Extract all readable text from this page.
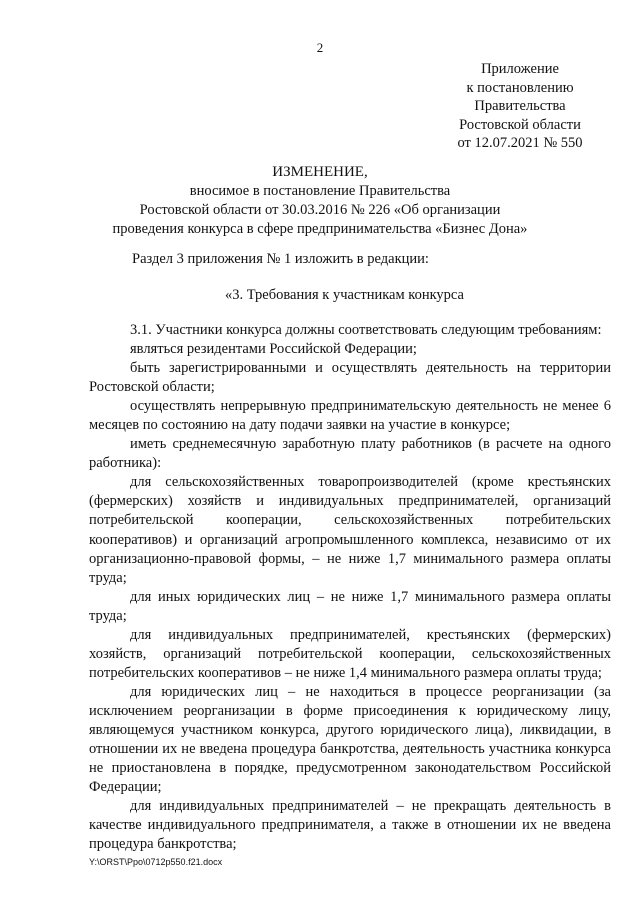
2
Приложение
к постановлению
Правительства
Ростовской области
от 12.07.2021 № 550
ИЗМЕНЕНИЕ,
вносимое в постановление Правительства
Ростовской области от 30.03.2016 № 226 «Об организации
проведения конкурса в сфере предпринимательства «Бизнес Дона»
Раздел 3 приложения № 1 изложить в редакции:
«3. Требования к участникам конкурса

3.1. Участники конкурса должны соответствовать следующим требованиям:

являться резидентами Российской Федерации;

быть зарегистрированными и осуществлять деятельность на территории Ростовской области;

осуществлять непрерывную предпринимательскую деятельность не менее 6 месяцев по состоянию на дату подачи заявки на участие в конкурсе;

иметь среднемесячную заработную плату работников (в расчете на одного работника):

для сельскохозяйственных товаропроизводителей (кроме крестьянских (фермерских) хозяйств и индивидуальных предпринимателей, организаций потребительской кооперации, сельскохозяйственных потребительских кооперативов) и организаций агропромышленного комплекса, независимо от их организационно-правовой формы, – не ниже 1,7 минимального размера оплаты труда;

для иных юридических лиц – не ниже 1,7 минимального размера оплаты труда;

для индивидуальных предпринимателей, крестьянских (фермерских) хозяйств, организаций потребительской кооперации, сельскохозяйственных потребительских кооперативов – не ниже 1,4 минимального размера оплаты труда;

для юридических лиц – не находиться в процессе реорганизации (за исключением реорганизации в форме присоединения к юридическому лицу, являющемуся участником конкурса, другого юридического лица), ликвидации, в отношении их не введена процедура банкротства, деятельность участника конкурса не приостановлена в порядке, предусмотренном законодательством Российской Федерации;

для индивидуальных предпринимателей – не прекращать деятельность в качестве индивидуального предпринимателя, а также в отношении их не введена процедура банкротства;

Y:\ORST\Ppo\0712p550.f21.docx
